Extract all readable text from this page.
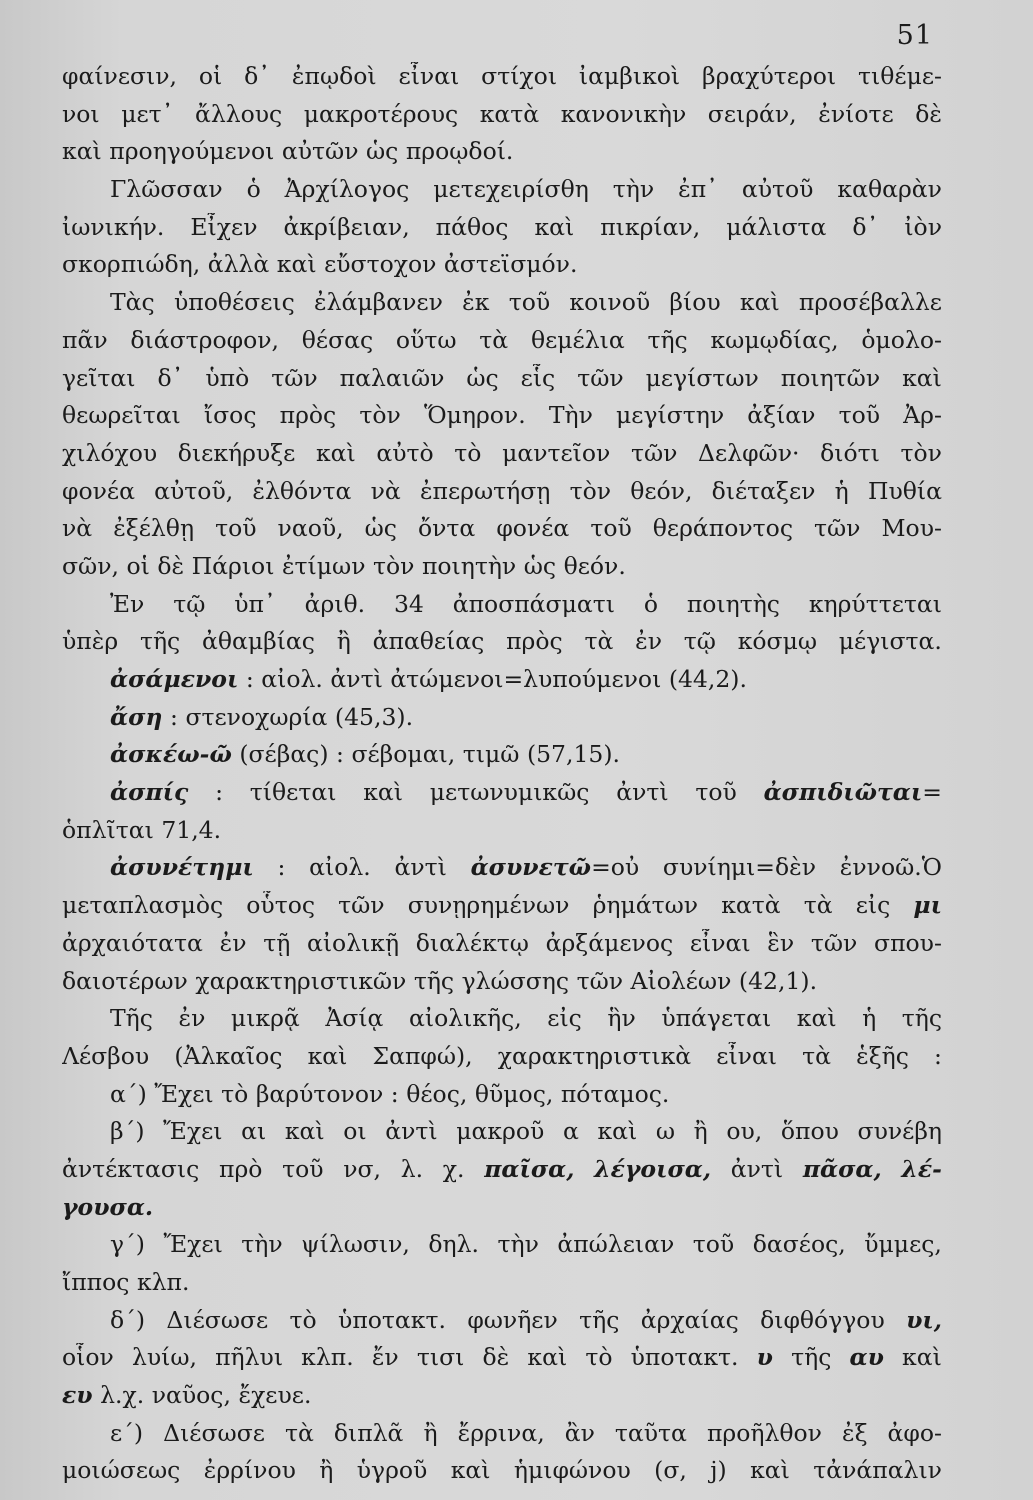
51
φαίνεσιν, οἱ δ᾽ ἐπῳδοὶ εἶναι στίχοι ἰαμβικοὶ βραχύτεροι τιθέμε-
νοι μετ᾽ ἄλλους μακροτέρους κατὰ κανονικὴν σειράν, ἐνίοτε δὲ
καὶ προηγούμενοι αὐτῶν ὡς προῳδοί.
Γλῶσσαν ὁ Ἀρχίλογος μετεχειρίσθη τὴν ἐπ᾽ αὐτοῦ καθαρὰν
ἰωνικήν. Εἶχεν ἀκρίβειαν, πάθος καὶ πικρίαν, μάλιστα δ᾽ ἰὸν
σκορπιώδη, ἀλλὰ καὶ εὔστοχον ἀστεϊσμόν.
Τὰς ὑποθέσεις ἐλάμβανεν ἐκ τοῦ κοινοῦ βίου καὶ προσέβαλλε
πᾶν διάστροφον, θέσας οὕτω τὰ θεμέλια τῆς κωμῳδίας, ὁμολο-
γεῖται δ᾽ ὑπὸ τῶν παλαιῶν ὡς εἷς τῶν μεγίστων ποιητῶν καὶ
θεωρεῖται ἴσος πρὸς τὸν Ὅμηρον. Τὴν μεγίστην ἀξίαν τοῦ Ἀρ-
χιλόχου διεκήρυξε καὶ αὐτὸ τὸ μαντεῖον τῶν Δελφῶν· διότι τὸν
φονέα αὐτοῦ, ἐλθόντα νὰ ἐπερωτήσῃ τὸν θεόν, διέταξεν ἡ Πυθία
νὰ ἐξέλθῃ τοῦ ναοῦ, ὡς ὄντα φονέα τοῦ θεράποντος τῶν Μου-
σῶν, οἱ δὲ Πάριοι ἐτίμων τὸν ποιητὴν ὡς θεόν.
Ἐν τῷ ὑπ᾽ ἀριθ. 34 ἀποσπάσματι ὁ ποιητὴς κηρύττεται
ὑπὲρ τῆς ἀθαμβίας ἢ ἀπαθείας πρὸς τὰ ἐν τῷ κόσμῳ μέγιστα.
ἀσάμενοι : αἰολ. ἀντὶ ἀτώμενοι=λυπούμενοι (44,2).
ἄση : στενοχωρία (45,3).
ἀσκέω-ῶ (σέβας) : σέβομαι, τιμῶ (57,15).
ἀσπίς : τίθεται καὶ μετωνυμικῶς ἀντὶ τοῦ ἀσπιδιῶται=
ὁπλῖται 71,4.
ἀσυνέτημι : αἰολ. ἀντὶ ἀσυνετῶ=οὐ συνίημι=δὲν ἐννοῶ.Ὁ
μεταπλασμὸς οὗτος τῶν συνῃρημένων ῥημάτων κατὰ τὰ εἰς μι
ἀρχαιότατα ἐν τῇ αἰολικῇ διαλέκτῳ ἀρξάμενος εἶναι ἓν τῶν σπου-
δαιοτέρων χαρακτηριστικῶν τῆς γλώσσης τῶν Αἰολέων (42,1).
Τῆς ἐν μικρᾷ Ἀσίᾳ αἰολικῆς, εἰς ἣν ὑπάγεται καὶ ἡ τῆς
Λέσβου (Ἀλκαῖος καὶ Σαπφώ), χαρακτηριστικὰ εἶναι τὰ ἑξῆς :
α΄) Ἔχει τὸ βαρύτονον : θέος, θῦμος, πόταμος.
β΄) Ἔχει αι καὶ οι ἀντὶ μακροῦ α καὶ ω ἢ ου, ὅπου συνέβη
ἀντέκτασις πρὸ τοῦ νσ, λ. χ. παῖσα, λέγοισα, ἀντὶ πᾶσα, λέ-
γουσα.
γ΄) Ἔχει τὴν ψίλωσιν, δηλ. τὴν ἀπώλειαν τοῦ δασέος, ὔμμες,
ἴππος κλπ.
δ΄) Διέσωσε τὸ ὑποτακτ. φωνῆεν τῆς ἀρχαίας διφθόγγου υι,
οἷον λυίω, πῆλυι κλπ. ἔν τισι δὲ καὶ τὸ ὑποτακτ. υ τῆς αυ καὶ
ευ λ.χ. ναῦος, ἔχευε.
ε΄) Διέσωσε τὰ διπλᾶ ἢ ἔρρινα, ἂν ταῦτα προῆλθον ἐξ ἀφο-
μοιώσεως ἐρρίνου ἢ ὑγροῦ καὶ ἡμιφώνου (σ, j) καὶ τἀνάπαλιν
